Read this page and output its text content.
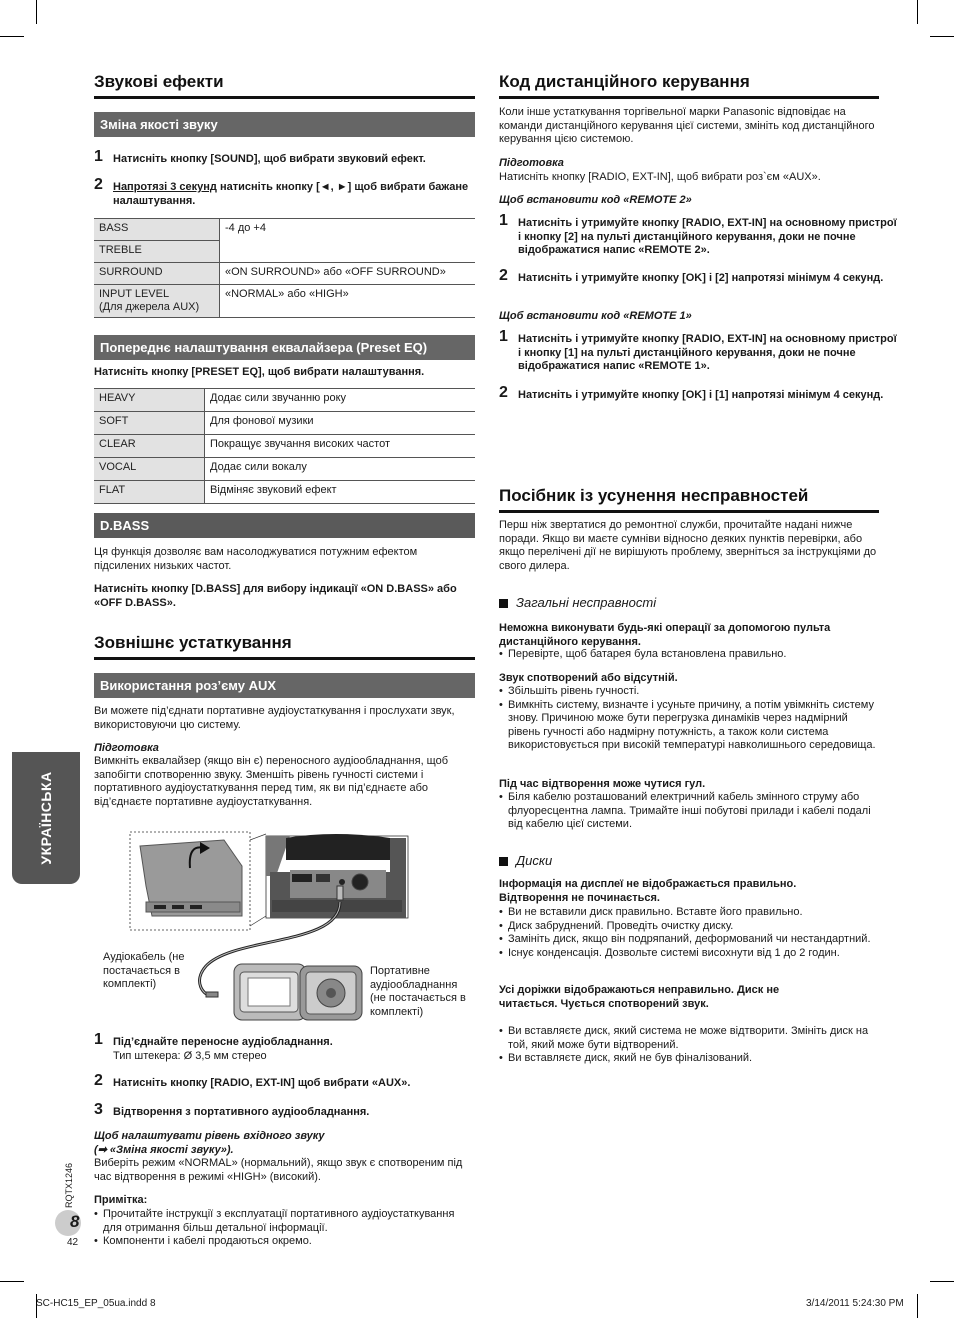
УКРАЇНСЬКА
Звукові ефекти
Зміна якості звуку
1 Натисніть кнопку [SOUND], щоб вибрати звуковий ефект.
2 Напротязі 3 секунд натисніть кнопку [◄, ►] щоб вибрати бажане налаштування.
BASS	-4 до +4
TREBLE	
SURROUND	«ON SURROUND» або «OFF SURROUND»
INPUT LEVEL
(Для джерела AUX)	«NORMAL» або «HIGH»
Попереднє налаштування еквалайзера (Preset EQ)
Натисніть кнопку [PRESET EQ], щоб вибрати налаштування.
HEAVY	Додає сили звучанню року
SOFT	Для фонової музики
CLEAR	Покращує звучання високих частот
VOCAL	Додає сили вокалу
FLAT	Відміняє звуковий ефект
D.BASS
Ця функція дозволяє вам насолоджуватися потужним ефектом підсилених низьких частот.
Натисніть кнопку [D.BASS] для вибору індикації «ON D.BASS» або «OFF D.BASS».
Зовнішнє устаткування
Використання роз’єму AUX
Ви можете під’єднати портативне аудіоустаткування і прослухати звук, використовуючи цю систему.
Підготовка
Вимкніть еквалайзер (якщо він є) переносного аудіообладнання, щоб запобігти спотворенню звуку. Зменшіть рівень гучності системи і портативного аудіоустаткування перед тим, як ви під’єднаєте або від’єднаєте портативне аудіоустаткування.
Аудіокабель (не постачається в комплекті)
Портативне аудіообладнання (не постачається в комплекті)
1 Під’єднайте переносне аудіобладнання.
Тип штекера: Ø 3,5 мм стерео
2 Натисніть кнопку [RADIO, EXT-IN] щоб вибрати «AUX».
3 Відтворення з портативного аудіообладнання.
Щоб налаштувати рівень вхідного звуку
(➡ «Зміна якості звуку»).
Виберіть режим «NORMAL» (нормальний), якщо звук є спотвореним під час відтворення в режимі «HIGH» (високий).
Примітка:
• Прочитайте інструкції з експлуатації портативного аудіоустаткування для отримання більш детальної інформації.
• Компоненти і кабелі продаються окремо.
RQTX1246
8
42
Код дистанційного керування
Коли інше устаткування торгівельної марки Panasonic відповідає на команди дистанційного керування цієї системи, змініть код дистанційного керування цією системою.
Підготовка
Натисніть кнопку [RADIO, EXT-IN], щоб вибрати роз`єм «AUX».
Щоб встановити код «REMOTE 2»
1 Натисніть і утримуйте кнопку [RADIO, EXT-IN] на основному пристрої і кнопку [2] на пульті дистанційного керування, доки не почне відображатися напис «REMOTE 2».
2 Натисніть і утримуйте кнопку [OK] і [2] напротязі мінімум 4 секунд.
Щоб встановити код «REMOTE 1»
1 Натисніть і утримуйте кнопку [RADIO, EXT-IN] на основному пристрої і кнопку [1] на пульті дистанційного керування, доки не почне відображатися напис «REMOTE 1».
2 Натисніть і утримуйте кнопку [OK] і [1] напротязі мінімум 4 секунд.
Посібник із усунення несправностей
Перш ніж звертатися до ремонтної служби, прочитайте надані нижче поради. Якщо ви маєте сумніви відносно деяких пунктів перевірки, або якщо перелічені дії не вирішують проблему, зверніться за інструкціями до свого дилера.
Загальні несправності
Неможна виконувати будь-які операції за допомогою пульта дистанційного керування.
• Перевірте, щоб батарея була встановлена правильно.
Звук спотворений або відсутній.
• Збільшіть рівень гучності.
• Вимкніть систему, визначте і усуньте причину, а потім увімкніть систему знову. Причиною може бути перегрузка динаміків через надмірний рівень гучності або надмірну потужність, а також коли система використовується при високій температурі навколишнього середовища.
Під час відтворення може чутися гул.
• Біля кабелю розташований електричний кабель змінного струму або флуоресцентна лампа. Тримайте інші побутові прилади і кабелі подалі від кабелю цієї системи.
Диски
Інформація на дисплеї не відображається правильно. Відтворення не починається.
• Ви не вставили диск правильно. Вставте його правильно.
• Диск забруднений. Проведіть очистку диску.
• Замініть диск, якщо він подряпаний, деформований чи нестандартний.
• Існує конденсація. Дозвольте системі висохнути від 1 до 2 годин.
Усі доріжки відображаються неправильно. Диск не читається. Чується спотворений звук.
• Ви вставляєте диск, який система не може відтворити. Змініть диск на той, який може бути відтворений.
• Ви вставляєте диск, який не був фіналізований.
SC-HC15_EP_05ua.indd 8	3/14/2011 5:24:30 PM
